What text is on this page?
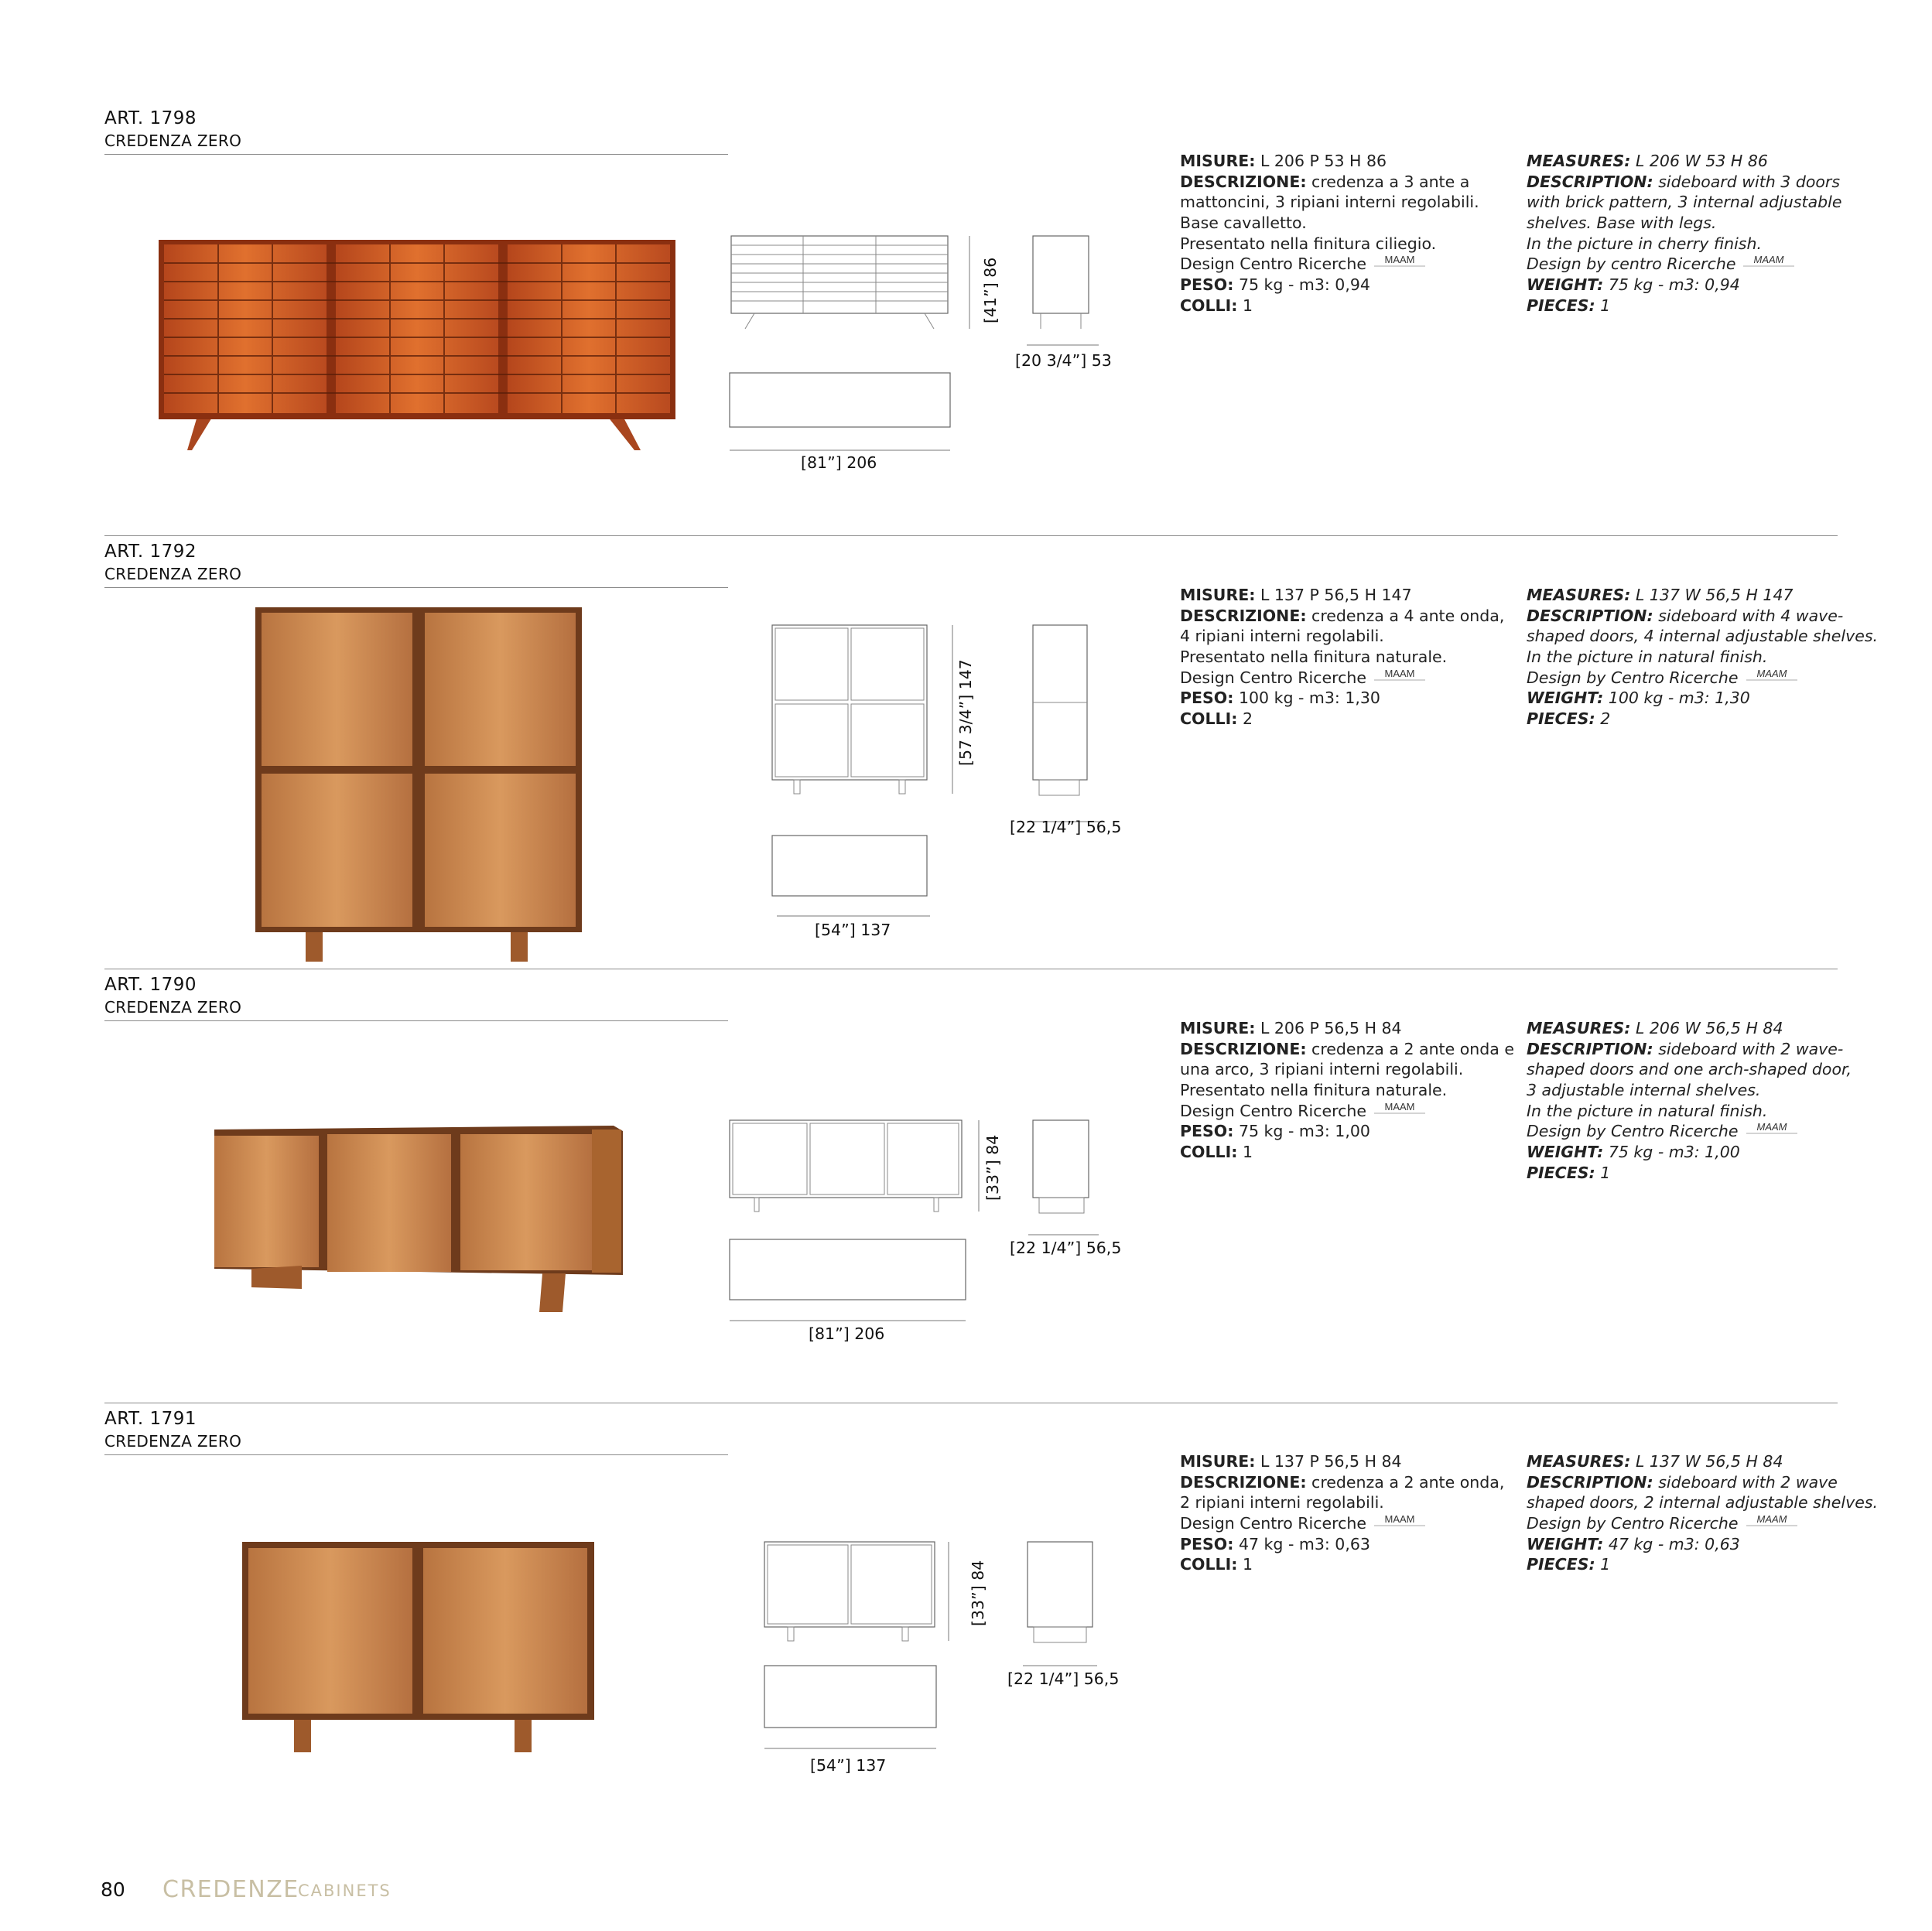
ART. 1798
CREDENZA ZERO
[41”] 86
[20 3/4”] 53
[81”] 206
MISURE: L 206 P 53 H 86
DESCRIZIONE: credenza a 3 ante a
mattoncini, 3 ripiani interni regolabili.
Base cavalletto.
Presentato nella finitura ciliegio.
Design Centro Ricerche MAAM
PESO: 75 kg - m3: 0,94
COLLI: 1
MEASURES: L 206 W 53 H 86
DESCRIPTION: sideboard with 3 doors
with brick pattern, 3 internal adjustable
shelves. Base with legs.
In the picture in cherry finish.
Design by centro Ricerche MAAM
WEIGHT: 75 kg - m3: 0,94
PIECES: 1
ART. 1792
CREDENZA ZERO
[57 3/4”] 147
[22 1/4”] 56,5
[54”] 137
MISURE: L 137 P 56,5 H 147
DESCRIZIONE: credenza a 4 ante onda,
4 ripiani interni regolabili.
Presentato nella finitura naturale.
Design Centro Ricerche MAAM
PESO: 100 kg - m3: 1,30
COLLI: 2
MEASURES: L 137 W 56,5 H 147
DESCRIPTION: sideboard with 4 wave-
shaped doors, 4 internal adjustable shelves.
In the picture in natural finish.
Design by Centro Ricerche MAAM
WEIGHT: 100 kg - m3: 1,30
PIECES: 2
ART. 1790
CREDENZA ZERO
[33”] 84
[22 1/4”] 56,5
[81”] 206
MISURE: L 206 P 56,5 H 84
DESCRIZIONE: credenza a 2 ante onda e
una arco, 3 ripiani interni regolabili.
Presentato nella finitura naturale.
Design Centro Ricerche MAAM
PESO: 75 kg - m3: 1,00
COLLI: 1
MEASURES: L 206 W 56,5 H 84
DESCRIPTION: sideboard with 2 wave-
shaped doors and one arch-shaped door,
3 adjustable internal shelves.
In the picture in natural finish.
Design by Centro Ricerche MAAM
WEIGHT: 75 kg - m3: 1,00
PIECES: 1
ART. 1791
CREDENZA ZERO
[33”] 84
[22 1/4”] 56,5
[54”] 137
MISURE: L 137 P 56,5 H 84
DESCRIZIONE: credenza a 2 ante onda,
2 ripiani interni regolabili.
Design Centro Ricerche MAAM
PESO: 47 kg - m3: 0,63
COLLI: 1
MEASURES: L 137 W 56,5 H 84
DESCRIPTION: sideboard with 2 wave
shaped doors, 2 internal adjustable shelves.
Design by Centro Ricerche MAAM
WEIGHT: 47 kg - m3: 0,63
PIECES: 1
80 CREDENZE
CABINETS
